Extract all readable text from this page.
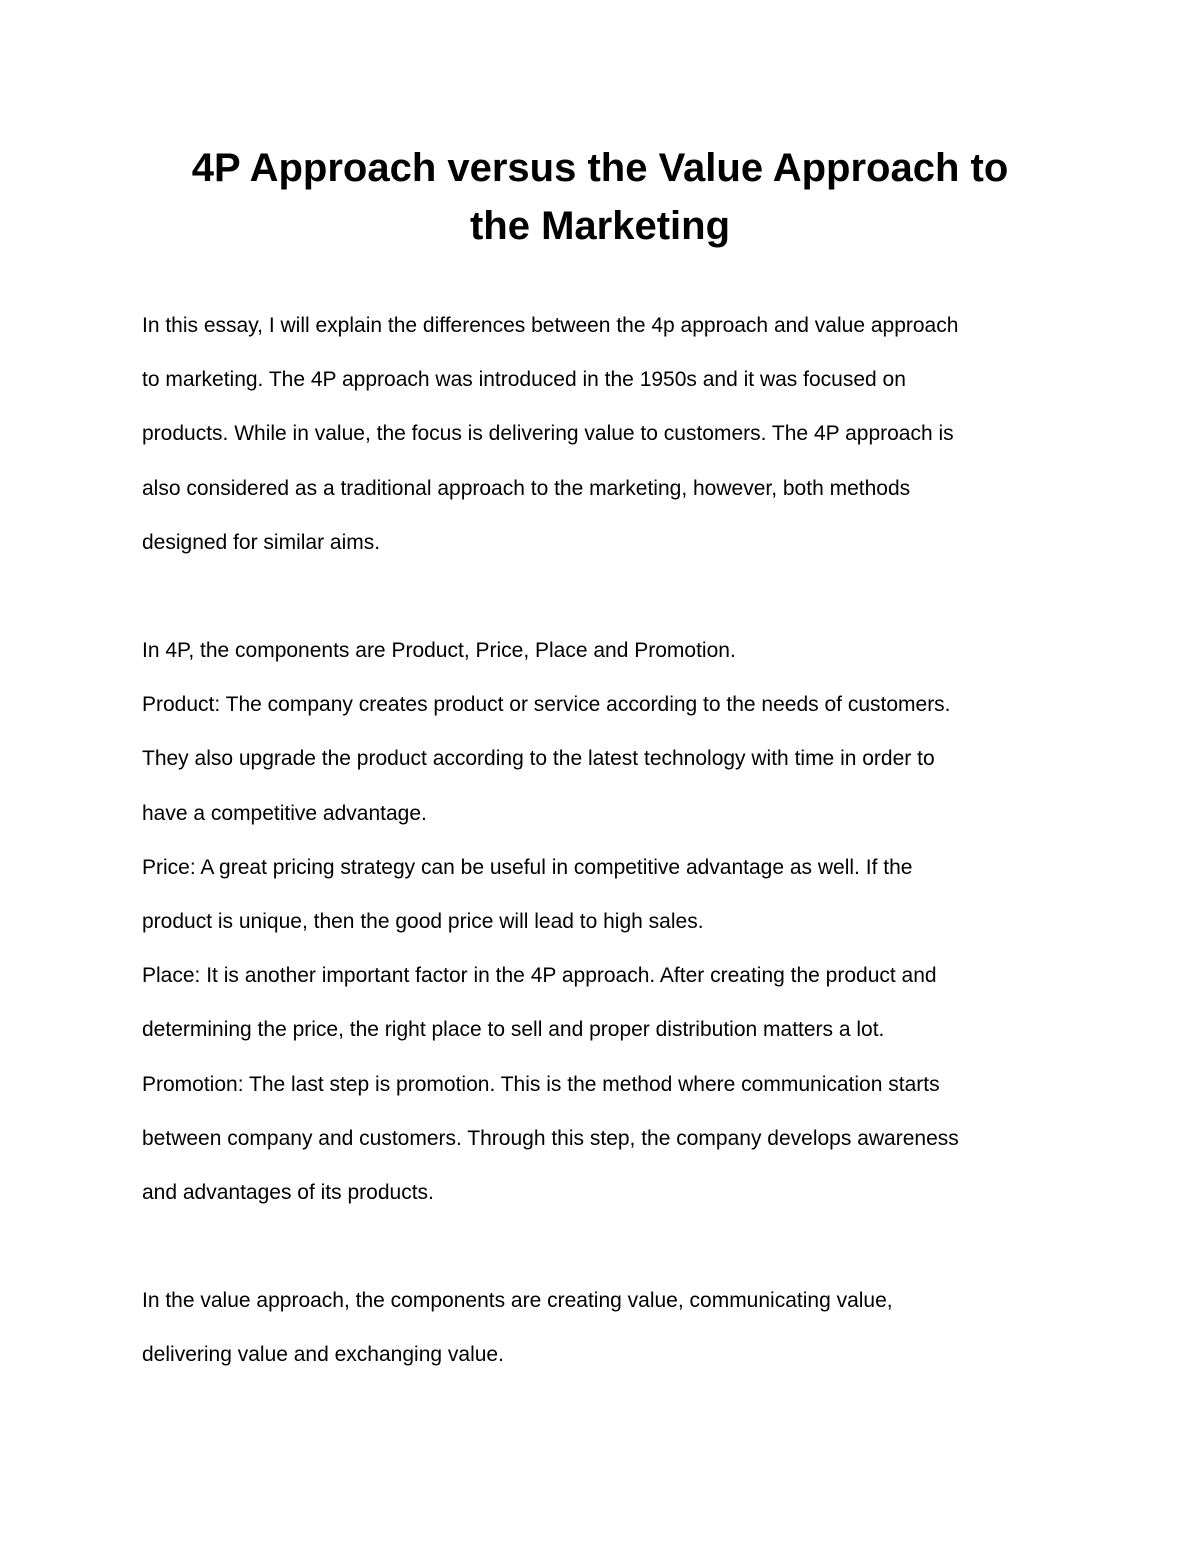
4P Approach versus the Value Approach to
the Marketing

In this essay, I will explain the differences between the 4p approach and value approach
to marketing. The 4P approach was introduced in the 1950s and it was focused on
products. While in value, the focus is delivering value to customers. The 4P approach is
also considered as a traditional approach to the marketing, however, both methods
designed for similar aims.

In 4P, the components are Product, Price, Place and Promotion.
Product: The company creates product or service according to the needs of customers.
They also upgrade the product according to the latest technology with time in order to
have a competitive advantage.
Price: A great pricing strategy can be useful in competitive advantage as well. If the
product is unique, then the good price will lead to high sales.
Place: It is another important factor in the 4P approach. After creating the product and
determining the price, the right place to sell and proper distribution matters a lot.
Promotion: The last step is promotion. This is the method where communication starts
between company and customers. Through this step, the company develops awareness
and advantages of its products.

In the value approach, the components are creating value, communicating value,
delivering value and exchanging value.
